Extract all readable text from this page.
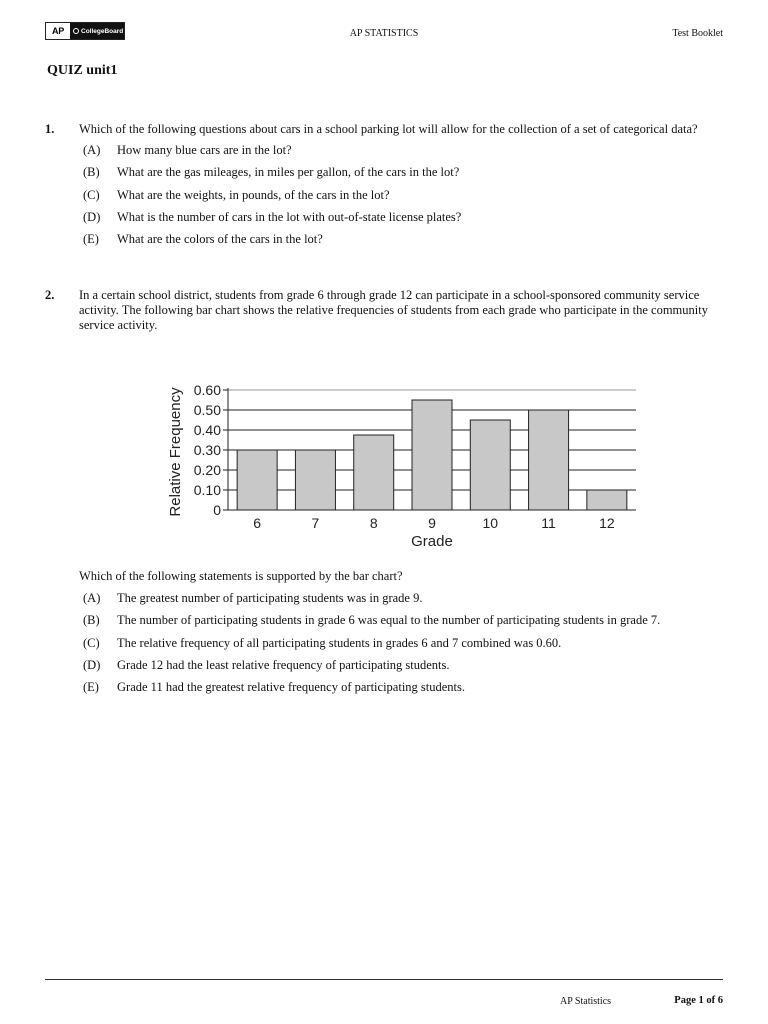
AP	CollegeBoard	AP STATISTICS	Test Booklet
QUIZ unit1
1. Which of the following questions about cars in a school parking lot will allow for the collection of a set of categorical data?
(A)	How many blue cars are in the lot?
(B)	What are the gas mileages, in miles per gallon, of the cars in the lot?
(C)	What are the weights, in pounds, of the cars in the lot?
(D)	What is the number of cars in the lot with out-of-state license plates?
(E)	What are the colors of the cars in the lot?
2. In a certain school district, students from grade 6 through grade 12 can participate in a school-sponsored community service activity. The following bar chart shows the relative frequencies of students from each grade who participate in the community service activity.
0
0.10
0.20
0.30
0.40
0.50
0.60
6	7	8	9	10	11	12
Grade
Relative Frequency
Which of the following statements is supported by the bar chart?
(A)	The greatest number of participating students was in grade 9.
(B)	The number of participating students in grade 6 was equal to the number of participating students in grade 7.
(C)	The relative frequency of all participating students in grades 6 and 7 combined was 0.60.
(D)	Grade 12 had the least relative frequency of participating students.
(E)	Grade 11 had the greatest relative frequency of participating students.
AP Statistics	Page 1 of 6
